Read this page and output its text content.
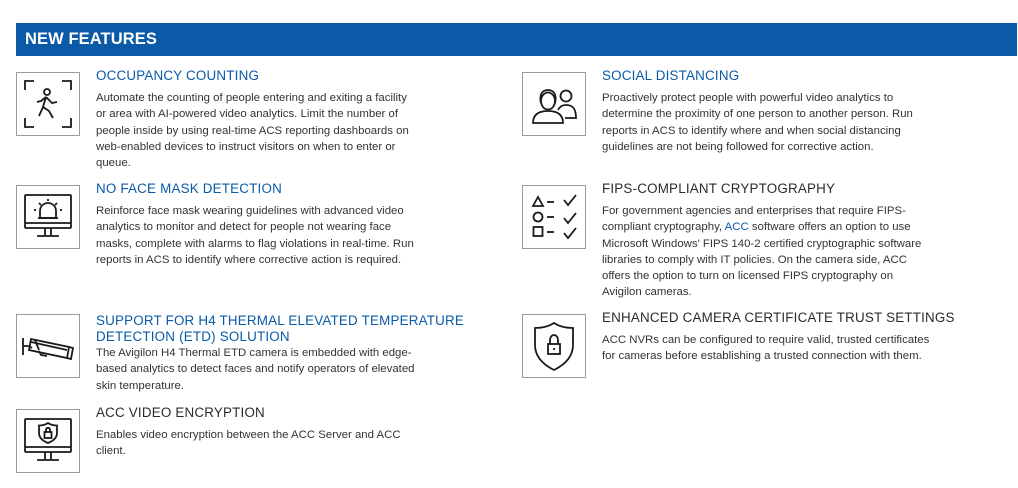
NEW FEATURES
OCCUPANCY COUNTING

Automate the counting of people entering and exiting a facility
or area with AI-powered video analytics. Limit the number of
people inside by using real-time ACS reporting dashboards on
web-enabled devices to instruct visitors on when to enter or
queue.

SOCIAL DISTANCING

Proactively protect people with powerful video analytics to
determine the proximity of one person to another person. Run
reports in ACS to identify where and when social distancing
guidelines are not being followed for corrective action.

NO FACE MASK DETECTION

Reinforce face mask wearing guidelines with advanced video
analytics to monitor and detect for people not wearing face
masks, complete with alarms to flag violations in real-time. Run
reports in ACS to identify where corrective action is required.

FIPS-COMPLIANT CRYPTOGRAPHY

For government agencies and enterprises that require FIPS-
compliant cryptography, ACC software offers an option to use
Microsoft Windows' FIPS 140-2 certified cryptographic software
libraries to comply with IT policies. On the camera side, ACC
offers the option to turn on licensed FIPS cryptography on
Avigilon cameras.

SUPPORT FOR H4 THERMAL ELEVATED TEMPERATURE
DETECTION (ETD) SOLUTION

The Avigilon H4 Thermal ETD camera is embedded with edge-
based analytics to detect faces and notify operators of elevated
skin temperature.

ENHANCED CAMERA CERTIFICATE TRUST SETTINGS

ACC NVRs can be configured to require valid, trusted certificates
for cameras before establishing a trusted connection with them.

ACC VIDEO ENCRYPTION

Enables video encryption between the ACC Server and ACC
client.
